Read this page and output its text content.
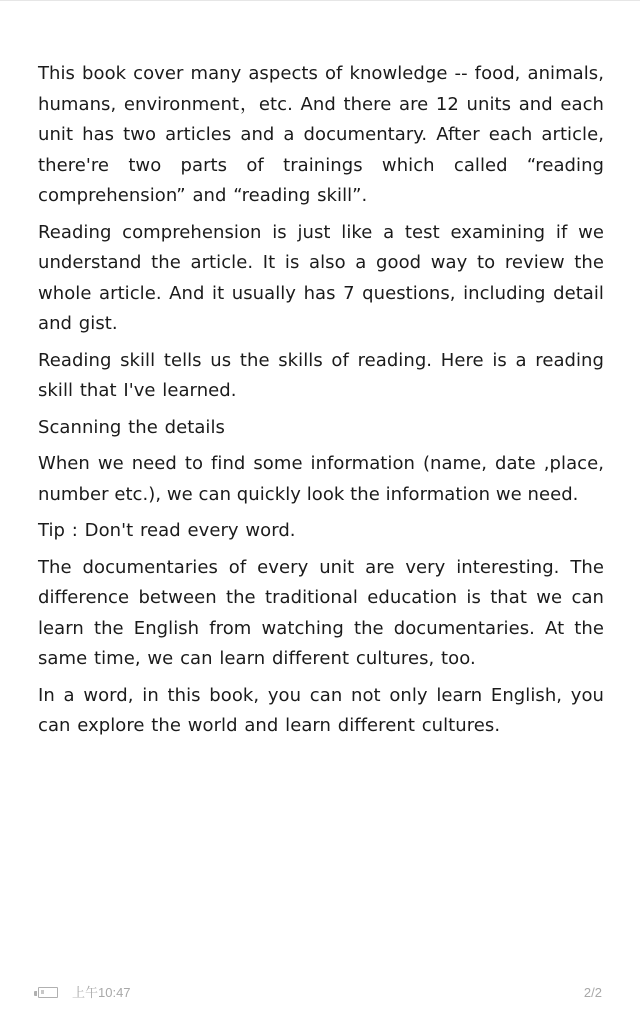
This book cover many aspects of knowledge -- food, animals, humans, environment，etc. And there are 12 units and each unit has two articles and a documentary. After each article, there're two parts of trainings which called “reading comprehension” and “reading skill”.

Reading comprehension is just like a test examining if we understand the article. It is also a good way to review the whole article. And it usually has 7 questions, including detail and gist.

Reading skill tells us the skills of reading. Here is a reading skill that I've learned.

Scanning the details

When we need to find some information (name, date ,place, number etc.), we can quickly look the information we need.

Tip : Don't read every word.

The documentaries of every unit are very interesting. The difference between the traditional education is that we can learn the English from watching the documentaries. At the same time, we can learn different cultures, too.

In a word, in this book, you can not only learn English, you can explore the world and learn different cultures.

上午10:47	2/2
